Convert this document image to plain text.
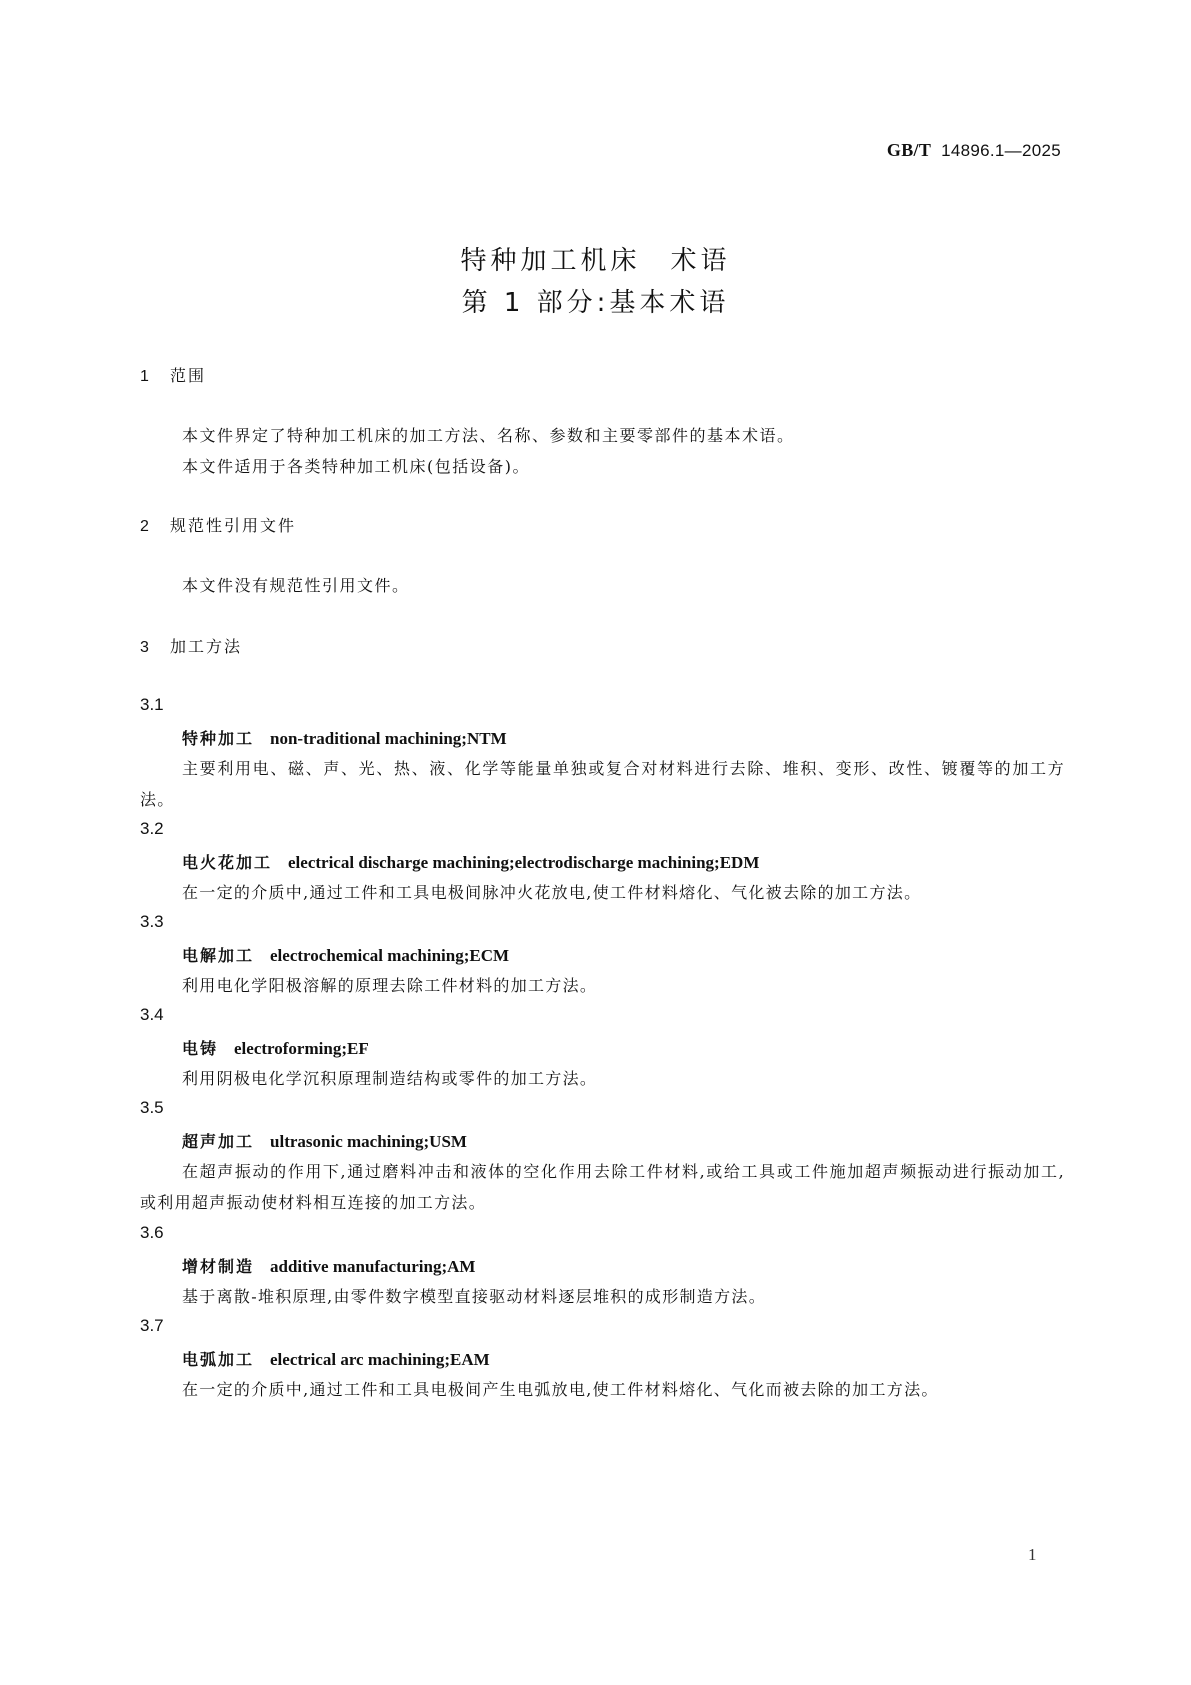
GB/T 14896.1—2025
特种加工机床 术语
第 1 部分:基本术语
1 范围
本文件界定了特种加工机床的加工方法、名称、参数和主要零部件的基本术语。
本文件适用于各类特种加工机床(包括设备)。
2 规范性引用文件
本文件没有规范性引用文件。
3 加工方法
3.1
特种加工 non-traditional machining;NTM
主要利用电、磁、声、光、热、液、化学等能量单独或复合对材料进行去除、堆积、变形、改性、镀覆等的加工方法。
3.2
电火花加工 electrical discharge machining;electrodischarge machining;EDM
在一定的介质中,通过工件和工具电极间脉冲火花放电,使工件材料熔化、气化被去除的加工方法。
3.3
电解加工 electrochemical machining;ECM
利用电化学阳极溶解的原理去除工件材料的加工方法。
3.4
电铸 electroforming;EF
利用阴极电化学沉积原理制造结构或零件的加工方法。
3.5
超声加工 ultrasonic machining;USM
在超声振动的作用下,通过磨料冲击和液体的空化作用去除工件材料,或给工具或工件施加超声频振动进行振动加工,或利用超声振动使材料相互连接的加工方法。
3.6
增材制造 additive manufacturing;AM
基于离散-堆积原理,由零件数字模型直接驱动材料逐层堆积的成形制造方法。
3.7
电弧加工 electrical arc machining;EAM
在一定的介质中,通过工件和工具电极间产生电弧放电,使工件材料熔化、气化而被去除的加工方法。
1
